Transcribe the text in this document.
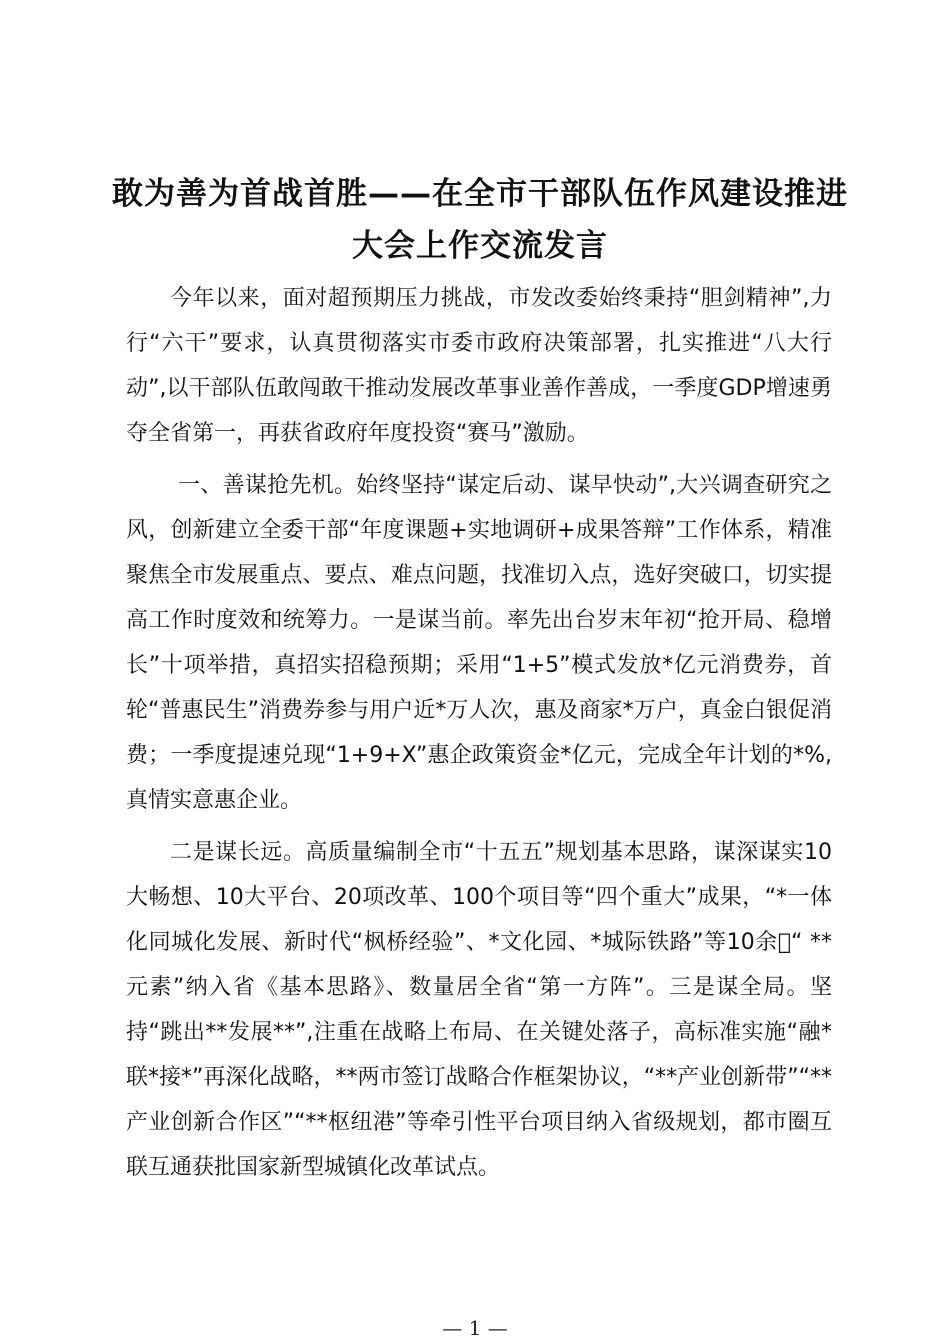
敢为善为首战首胜——在全市干部队伍作风建设推进大会上作交流发言

今年以来，面对超预期压力挑战，市发改委始终秉持“胆剑精神”,力行“六干”要求，认真贯彻落实市委市政府决策部署，扎实推进“八大行动”,以干部队伍敢闯敢干推动发展改革事业善作善成，一季度GDP增速勇夺全省第一，再获省政府年度投资“赛马”激励。

一、善谋抢先机。始终坚持“谋定后动、谋早快动”,大兴调查研究之风，创新建立全委干部“年度课题+实地调研+成果答辩”工作体系，精准聚焦全市发展重点、要点、难点问题，找准切入点，选好突破口，切实提高工作时度效和统筹力。一是谋当前。率先出台岁末年初“抢开局、稳增长”十项举措，真招实招稳预期；采用“1+5”模式发放*亿元消费券，首轮“普惠民生”消费券参与用户近*万人次，惠及商家*万户，真金白银促消费；一季度提速兑现“1+9+X”惠企政策资金*亿元，完成全年计划的*%,真情实意惠企业。

二是谋长远。高质量编制全市“十五五”规划基本思路，谋深谋实10大畅想、10大平台、20项改革、100个项目等“四个重大”成果，“*一体化同城化发展、新时代“枫桥经验”、*文化园、*城际铁路”等10余 “ **元素”纳入省《基本思路》、数量居全省“第一方阵”。三是谋全局。坚持“跳出**发展**”,注重在战略上布局、在关键处落子，高标准实施“融*联*接*”再深化战略，**两市签订战略合作框架协议，“**产业创新带”“**产业创新合作区”“**枢纽港”等牵引性平台项目纳入省级规划，都市圈互联互通获批国家新型城镇化改革试点。

— 1 —
